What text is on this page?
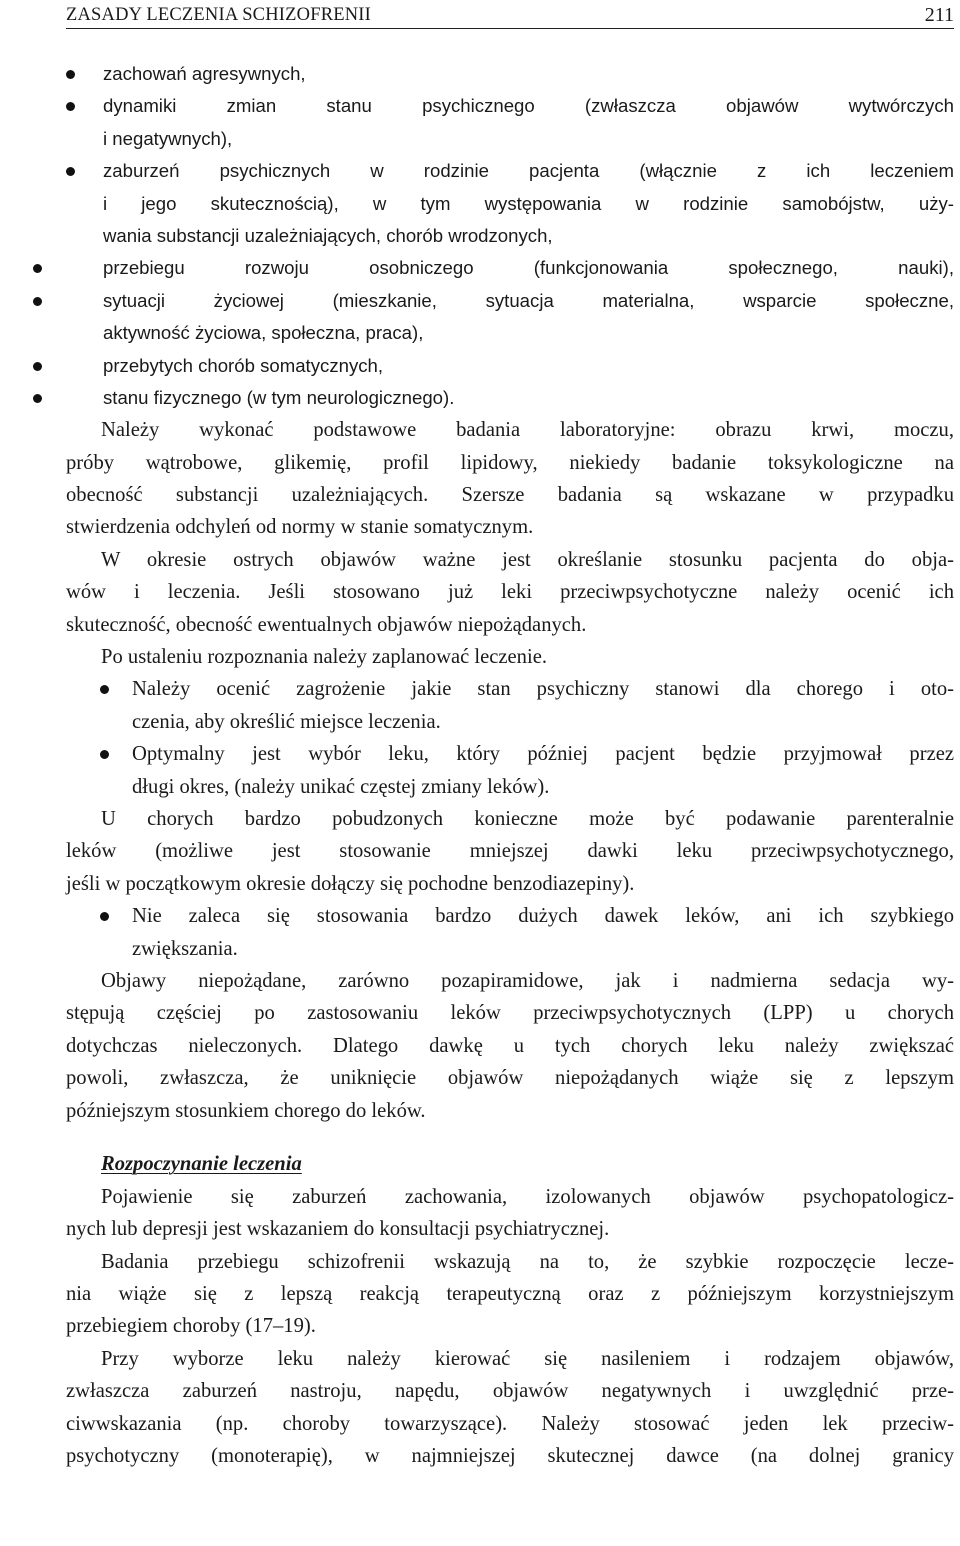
ZASADY LECZENIA SCHIZOFRENII	211
zachowań agresywnych,
dynamiki zmian stanu psychicznego (zwłaszcza objawów wytwórczych
i negatywnych),
zaburzeń psychicznych w rodzinie pacjenta (włącznie z ich leczeniem
i jego skutecznością), w tym występowania w rodzinie samobójstw, uży-
wania substancji uzależniających, chorób wrodzonych,
przebiegu rozwoju osobniczego (funkcjonowania społecznego, nauki),
sytuacji życiowej (mieszkanie, sytuacja materialna, wsparcie społeczne,
aktywność życiowa, społeczna, praca),
przebytych chorób somatycznych,
stanu fizycznego (w tym neurologicznego).
Należy wykonać podstawowe badania laboratoryjne: obrazu krwi, moczu,
próby wątrobowe, glikemię, profil lipidowy, niekiedy badanie toksykologiczne na
obecność substancji uzależniających. Szersze badania są wskazane w przypadku
stwierdzenia odchyleń od normy w stanie somatycznym.
W okresie ostrych objawów ważne jest określanie stosunku pacjenta do obja-
wów i leczenia. Jeśli stosowano już leki przeciwpsychotyczne należy ocenić ich
skuteczność, obecność ewentualnych objawów niepożądanych.
Po ustaleniu rozpoznania należy zaplanować leczenie.
Należy ocenić zagrożenie jakie stan psychiczny stanowi dla chorego i oto-
czenia, aby określić miejsce leczenia.
Optymalny jest wybór leku, który później pacjent będzie przyjmował przez
długi okres, (należy unikać częstej zmiany leków).
U chorych bardzo pobudzonych konieczne może być podawanie parenteralnie
leków (możliwe jest stosowanie mniejszej dawki leku przeciwpsychotycznego,
jeśli w początkowym okresie dołączy się pochodne benzodiazepiny).
Nie zaleca się stosowania bardzo dużych dawek leków, ani ich szybkiego
zwiększania.
Objawy niepożądane, zarówno pozapiramidowe, jak i nadmierna sedacja wy-
stępują częściej po zastosowaniu leków przeciwpsychotycznych (LPP) u chorych
dotychczas nieleczonych. Dlatego dawkę u tych chorych leku należy zwiększać
powoli, zwłaszcza, że uniknięcie objawów niepożądanych wiąże się z lepszym
późniejszym stosunkiem chorego do leków.
Rozpoczynanie leczenia
Pojawienie się zaburzeń zachowania, izolowanych objawów psychopatologicz-
nych lub depresji jest wskazaniem do konsultacji psychiatrycznej.
Badania przebiegu schizofrenii wskazują na to, że szybkie rozpoczęcie lecze-
nia wiąże się z lepszą reakcją terapeutyczną oraz z późniejszym korzystniejszym
przebiegiem choroby (17–19).
Przy wyborze leku należy kierować się nasileniem i rodzajem objawów,
zwłaszcza zaburzeń nastroju, napędu, objawów negatywnych i uwzględnić prze-
ciwwskazania (np. choroby towarzyszące). Należy stosować jeden lek przeciw-
psychotyczny (monoterapię), w najmniejszej skutecznej dawce (na dolnej granicy
